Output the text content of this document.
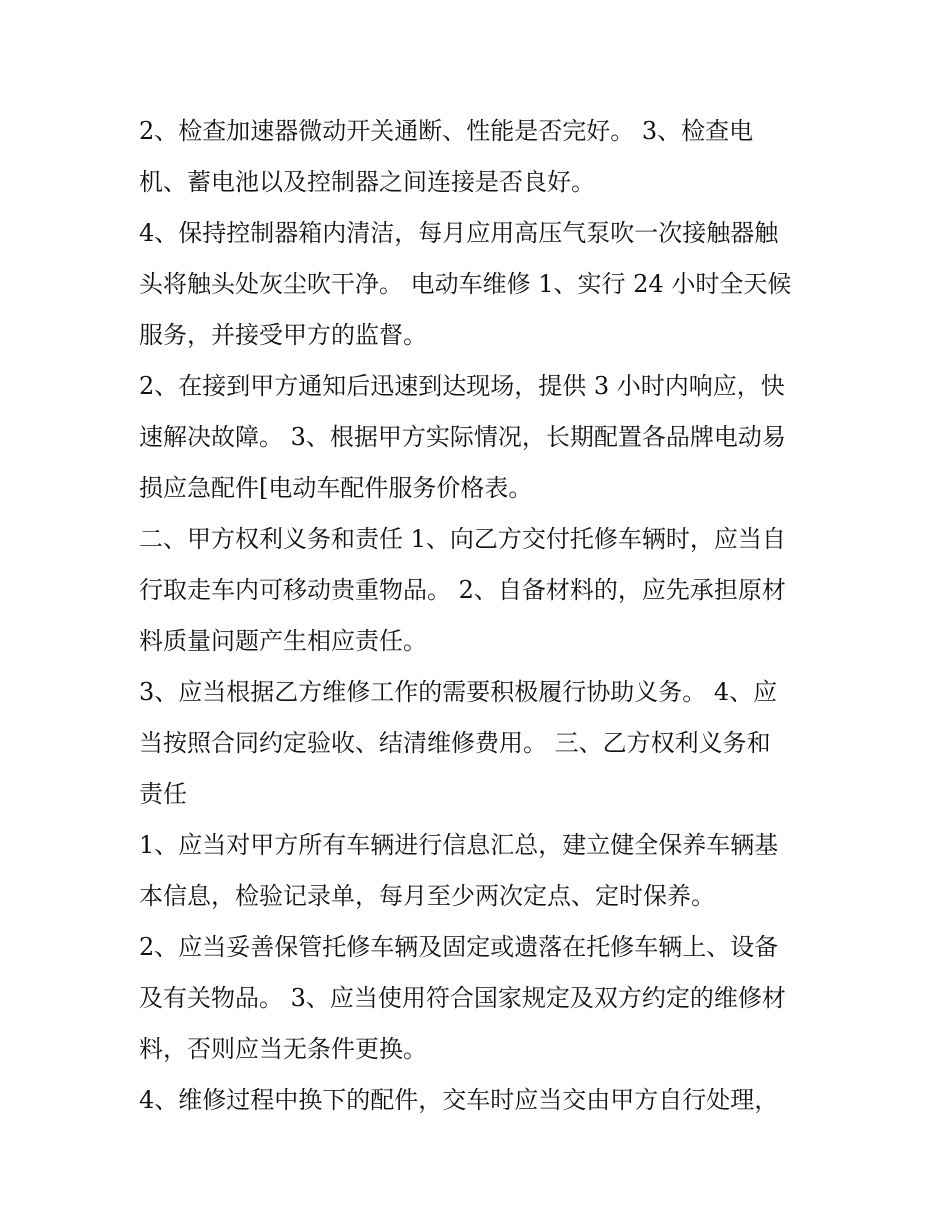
2、检查加速器微动开关通断、性能是否完好。 3、检查电
机、蓄电池以及控制器之间连接是否良好。
4、保持控制器箱内清洁，每月应用高压气泵吹一次接触器触
头将触头处灰尘吹干净。 电动车维修 1、实行 24 小时全天候
服务，并接受甲方的监督。
2、在接到甲方通知后迅速到达现场，提供 3 小时内响应，快
速解决故障。 3、根据甲方实际情况，长期配置各品牌电动易
损应急配件[电动车配件服务价格表。
二、甲方权利义务和责任 1、向乙方交付托修车辆时，应当自
行取走车内可移动贵重物品。 2、自备材料的，应先承担原材
料质量问题产生相应责任。
3、应当根据乙方维修工作的需要积极履行协助义务。 4、应
当按照合同约定验收、结清维修费用。 三、乙方权利义务和
责任
1、应当对甲方所有车辆进行信息汇总，建立健全保养车辆基
本信息，检验记录单，每月至少两次定点、定时保养。
2、应当妥善保管托修车辆及固定或遗落在托修车辆上、设备
及有关物品。 3、应当使用符合国家规定及双方约定的维修材
料，否则应当无条件更换。
4、维修过程中换下的配件，交车时应当交由甲方自行处理，
